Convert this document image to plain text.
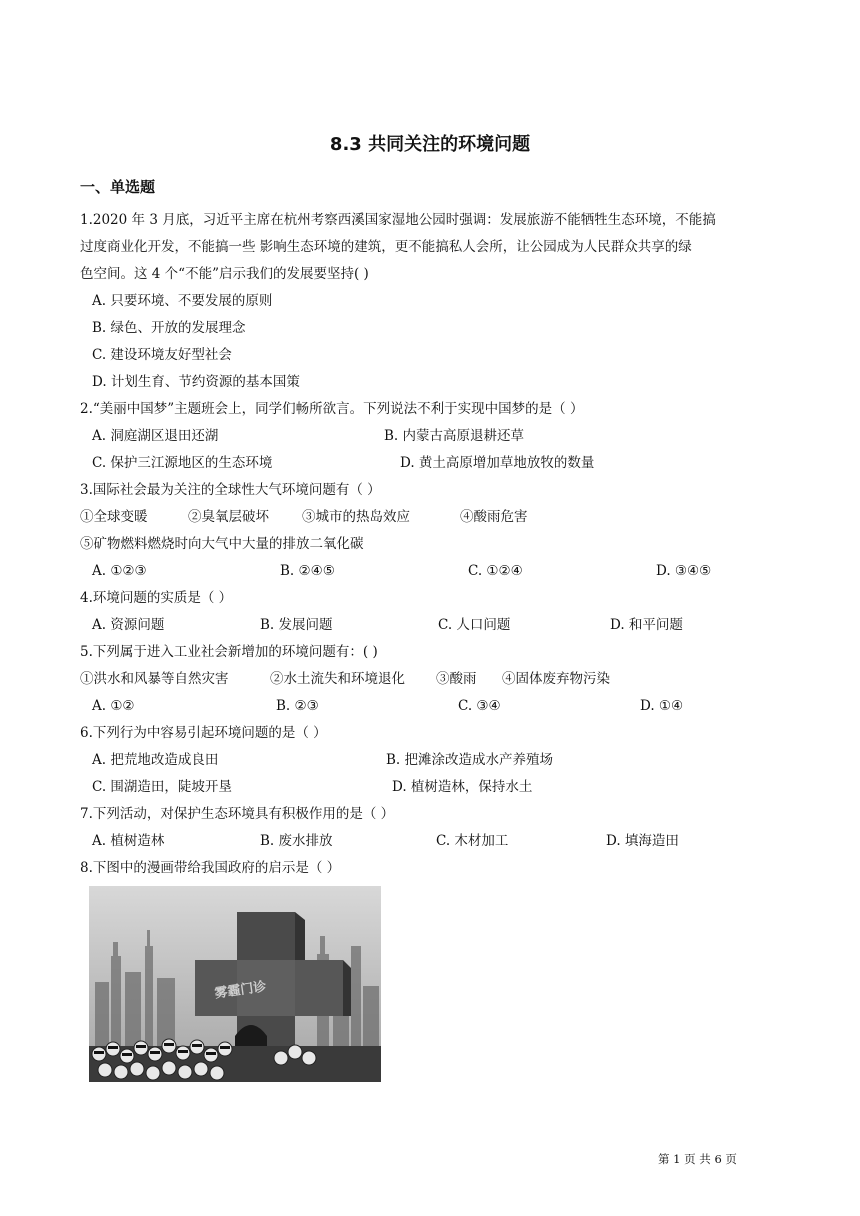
8.3 共同关注的环境问题
一、单选题
1.2020 年 3 月底，习近平主席在杭州考察西溪国家湿地公园时强调：发展旅游不能牺牲生态环境，不能搞
过度商业化开发，不能搞一些 影响生态环境的建筑，更不能搞私人会所，让公园成为人民群众共享的绿
色空间。这 4 个“不能”启示我们的发展要坚持( )
A. 只要环境、不要发展的原则
B. 绿色、开放的发展理念
C. 建设环境友好型社会
D. 计划生育、节约资源的基本国策
2.“美丽中国梦”主题班会上，同学们畅所欲言。下列说法不利于实现中国梦的是（ ）
A. 洞庭湖区退田还湖	B. 内蒙古高原退耕还草
C. 保护三江源地区的生态环境	D. 黄土高原增加草地放牧的数量
3.国际社会最为关注的全球性大气环境问题有（ ）
①全球变暖	②臭氧层破坏 ③城市的热岛效应	④酸雨危害
⑤矿物燃料燃烧时向大气中大量的排放二氧化碳
A. ①②③	B. ②④⑤	C. ①②④	D. ③④⑤
4.环境问题的实质是（ ）
A. 资源问题	B. 发展问题	C. 人口问题	D. 和平问题
5.下列属于进入工业社会新增加的环境问题有：( )
①洪水和风暴等自然灾害	②水土流失和环境退化 ③酸雨 ④固体废弃物污染
A. ①②	B. ②③	C. ③④	D. ①④
6.下列行为中容易引起环境问题的是（ ）
A. 把荒地改造成良田	B. 把滩涂改造成水产养殖场
C. 围湖造田，陡坡开垦	D. 植树造林，保持水土
7.下列活动，对保护生态环境具有积极作用的是（ ）
A. 植树造林	B. 废水排放	C. 木材加工	D. 填海造田
8.下图中的漫画带给我国政府的启示是（ ）
雾霾门诊
第 1 页 共 6 页
